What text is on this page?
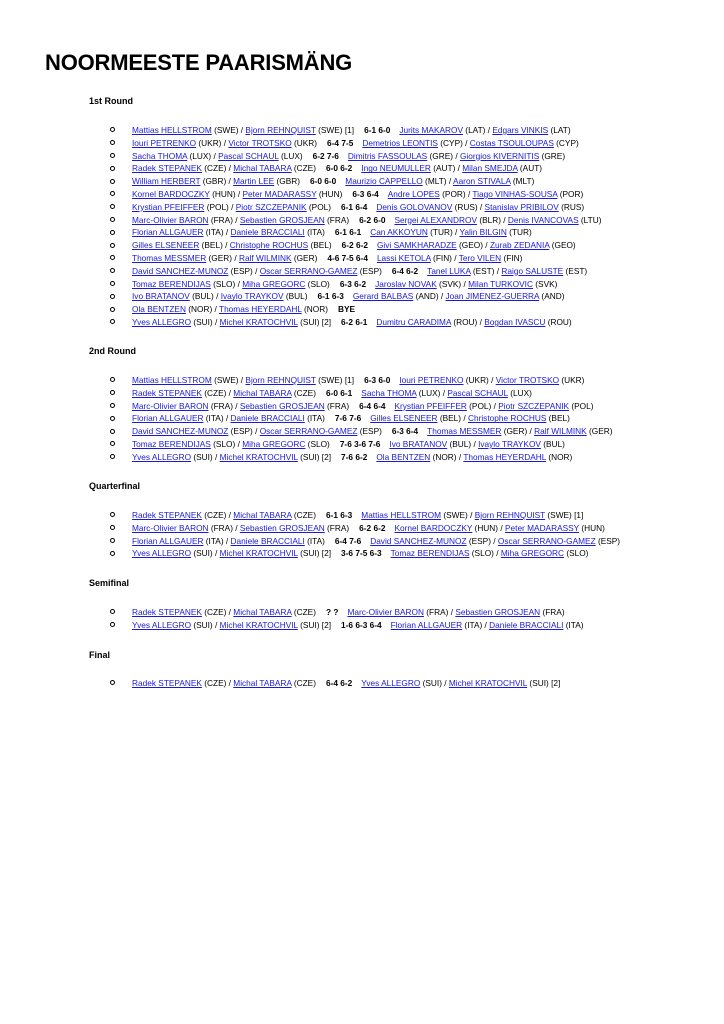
NOORMEESTE PAARISMÄNG
1st Round
Mattias HELLSTROM (SWE) / Bjorn REHNQUIST (SWE) [1] 6-1 6-0 Jurits MAKAROV (LAT) / Edgars VINKIS (LAT)
Iouri PETRENKO (UKR) / Victor TROTSKO (UKR) 6-4 7-5 Demetrios LEONTIS (CYP) / Costas TSOULOUPAS (CYP)
Sacha THOMA (LUX) / Pascal SCHAUL (LUX) 6-2 7-6 Dimitris FASSOULAS (GRE) / Giorgios KIVERNITIS (GRE)
Radek STEPANEK (CZE) / Michal TABARA (CZE) 6-0 6-2 Ingo NEUMULLER (AUT) / Milan SMEJDA (AUT)
William HERBERT (GBR) / Martin LEE (GBR) 6-0 6-0 Maurizio CAPPELLO (MLT) / Aaron STIVALA (MLT)
Kornel BARDOCZKY (HUN) / Peter MADARASSY (HUN) 6-3 6-4 Andre LOPES (POR) / Tiago VINHAS-SOUSA (POR)
Krystian PFEIFFER (POL) / Piotr SZCZEPANIK (POL) 6-1 6-4 Denis GOLOVANOV (RUS) / Stanislav PRIBILOV (RUS)
Marc-Olivier BARON (FRA) / Sebastien GROSJEAN (FRA) 6-2 6-0 Sergei ALEXANDROV (BLR) / Denis IVANCOVAS (LTU)
Florian ALLGAUER (ITA) / Daniele BRACCIALI (ITA) 6-1 6-1 Can AKKOYUN (TUR) / Yalin BILGIN (TUR)
Gilles ELSENEER (BEL) / Christophe ROCHUS (BEL) 6-2 6-2 Givi SAMKHARADZE (GEO) / Zurab ZEDANIA (GEO)
Thomas MESSMER (GER) / Ralf WILMINK (GER) 4-6 7-5 6-4 Lassi KETOLA (FIN) / Tero VILEN (FIN)
David SANCHEZ-MUNOZ (ESP) / Oscar SERRANO-GAMEZ (ESP) 6-4 6-2 Tanel LUKA (EST) / Raigo SALUSTE (EST)
Tomaz BERENDIJAS (SLO) / Miha GREGORC (SLO) 6-3 6-2 Jaroslav NOVAK (SVK) / Milan TURKOVIC (SVK)
Ivo BRATANOV (BUL) / Ivaylo TRAYKOV (BUL) 6-1 6-3 Gerard BALBAS (AND) / Joan JIMENEZ-GUERRA (AND)
Ola BENTZEN (NOR) / Thomas HEYERDAHL (NOR) BYE
Yves ALLEGRO (SUI) / Michel KRATOCHVIL (SUI) [2] 6-2 6-1 Dumitru CARADIMA (ROU) / Bogdan IVASCU (ROU)
2nd Round
Mattias HELLSTROM (SWE) / Bjorn REHNQUIST (SWE) [1] 6-3 6-0 Iouri PETRENKO (UKR) / Victor TROTSKO (UKR)
Radek STEPANEK (CZE) / Michal TABARA (CZE) 6-0 6-1 Sacha THOMA (LUX) / Pascal SCHAUL (LUX)
Marc-Olivier BARON (FRA) / Sebastien GROSJEAN (FRA) 6-4 6-4 Krystian PFEIFFER (POL) / Piotr SZCZEPANIK (POL)
Florian ALLGAUER (ITA) / Daniele BRACCIALI (ITA) 7-6 7-6 Gilles ELSENEER (BEL) / Christophe ROCHUS (BEL)
David SANCHEZ-MUNOZ (ESP) / Oscar SERRANO-GAMEZ (ESP) 6-3 6-4 Thomas MESSMER (GER) / Ralf WILMINK (GER)
Tomaz BERENDIJAS (SLO) / Miha GREGORC (SLO) 7-6 3-6 7-6 Ivo BRATANOV (BUL) / Ivaylo TRAYKOV (BUL)
Yves ALLEGRO (SUI) / Michel KRATOCHVIL (SUI) [2] 7-6 6-2 Ola BENTZEN (NOR) / Thomas HEYERDAHL (NOR)
Quarterfinal
Radek STEPANEK (CZE) / Michal TABARA (CZE) 6-1 6-3 Mattias HELLSTROM (SWE) / Bjorn REHNQUIST (SWE) [1]
Marc-Olivier BARON (FRA) / Sebastien GROSJEAN (FRA) 6-2 6-2 Kornel BARDOCZKY (HUN) / Peter MADARASSY (HUN)
Florian ALLGAUER (ITA) / Daniele BRACCIALI (ITA) 6-4 7-6 David SANCHEZ-MUNOZ (ESP) / Oscar SERRANO-GAMEZ (ESP)
Yves ALLEGRO (SUI) / Michel KRATOCHVIL (SUI) [2] 3-6 7-5 6-3 Tomaz BERENDIJAS (SLO) / Miha GREGORC (SLO)
Semifinal
Radek STEPANEK (CZE) / Michal TABARA (CZE) ? ? Marc-Olivier BARON (FRA) / Sebastien GROSJEAN (FRA)
Yves ALLEGRO (SUI) / Michel KRATOCHVIL (SUI) [2] 1-6 6-3 6-4 Florian ALLGAUER (ITA) / Daniele BRACCIALI (ITA)
Final
Radek STEPANEK (CZE) / Michal TABARA (CZE) 6-4 6-2 Yves ALLEGRO (SUI) / Michel KRATOCHVIL (SUI) [2]
